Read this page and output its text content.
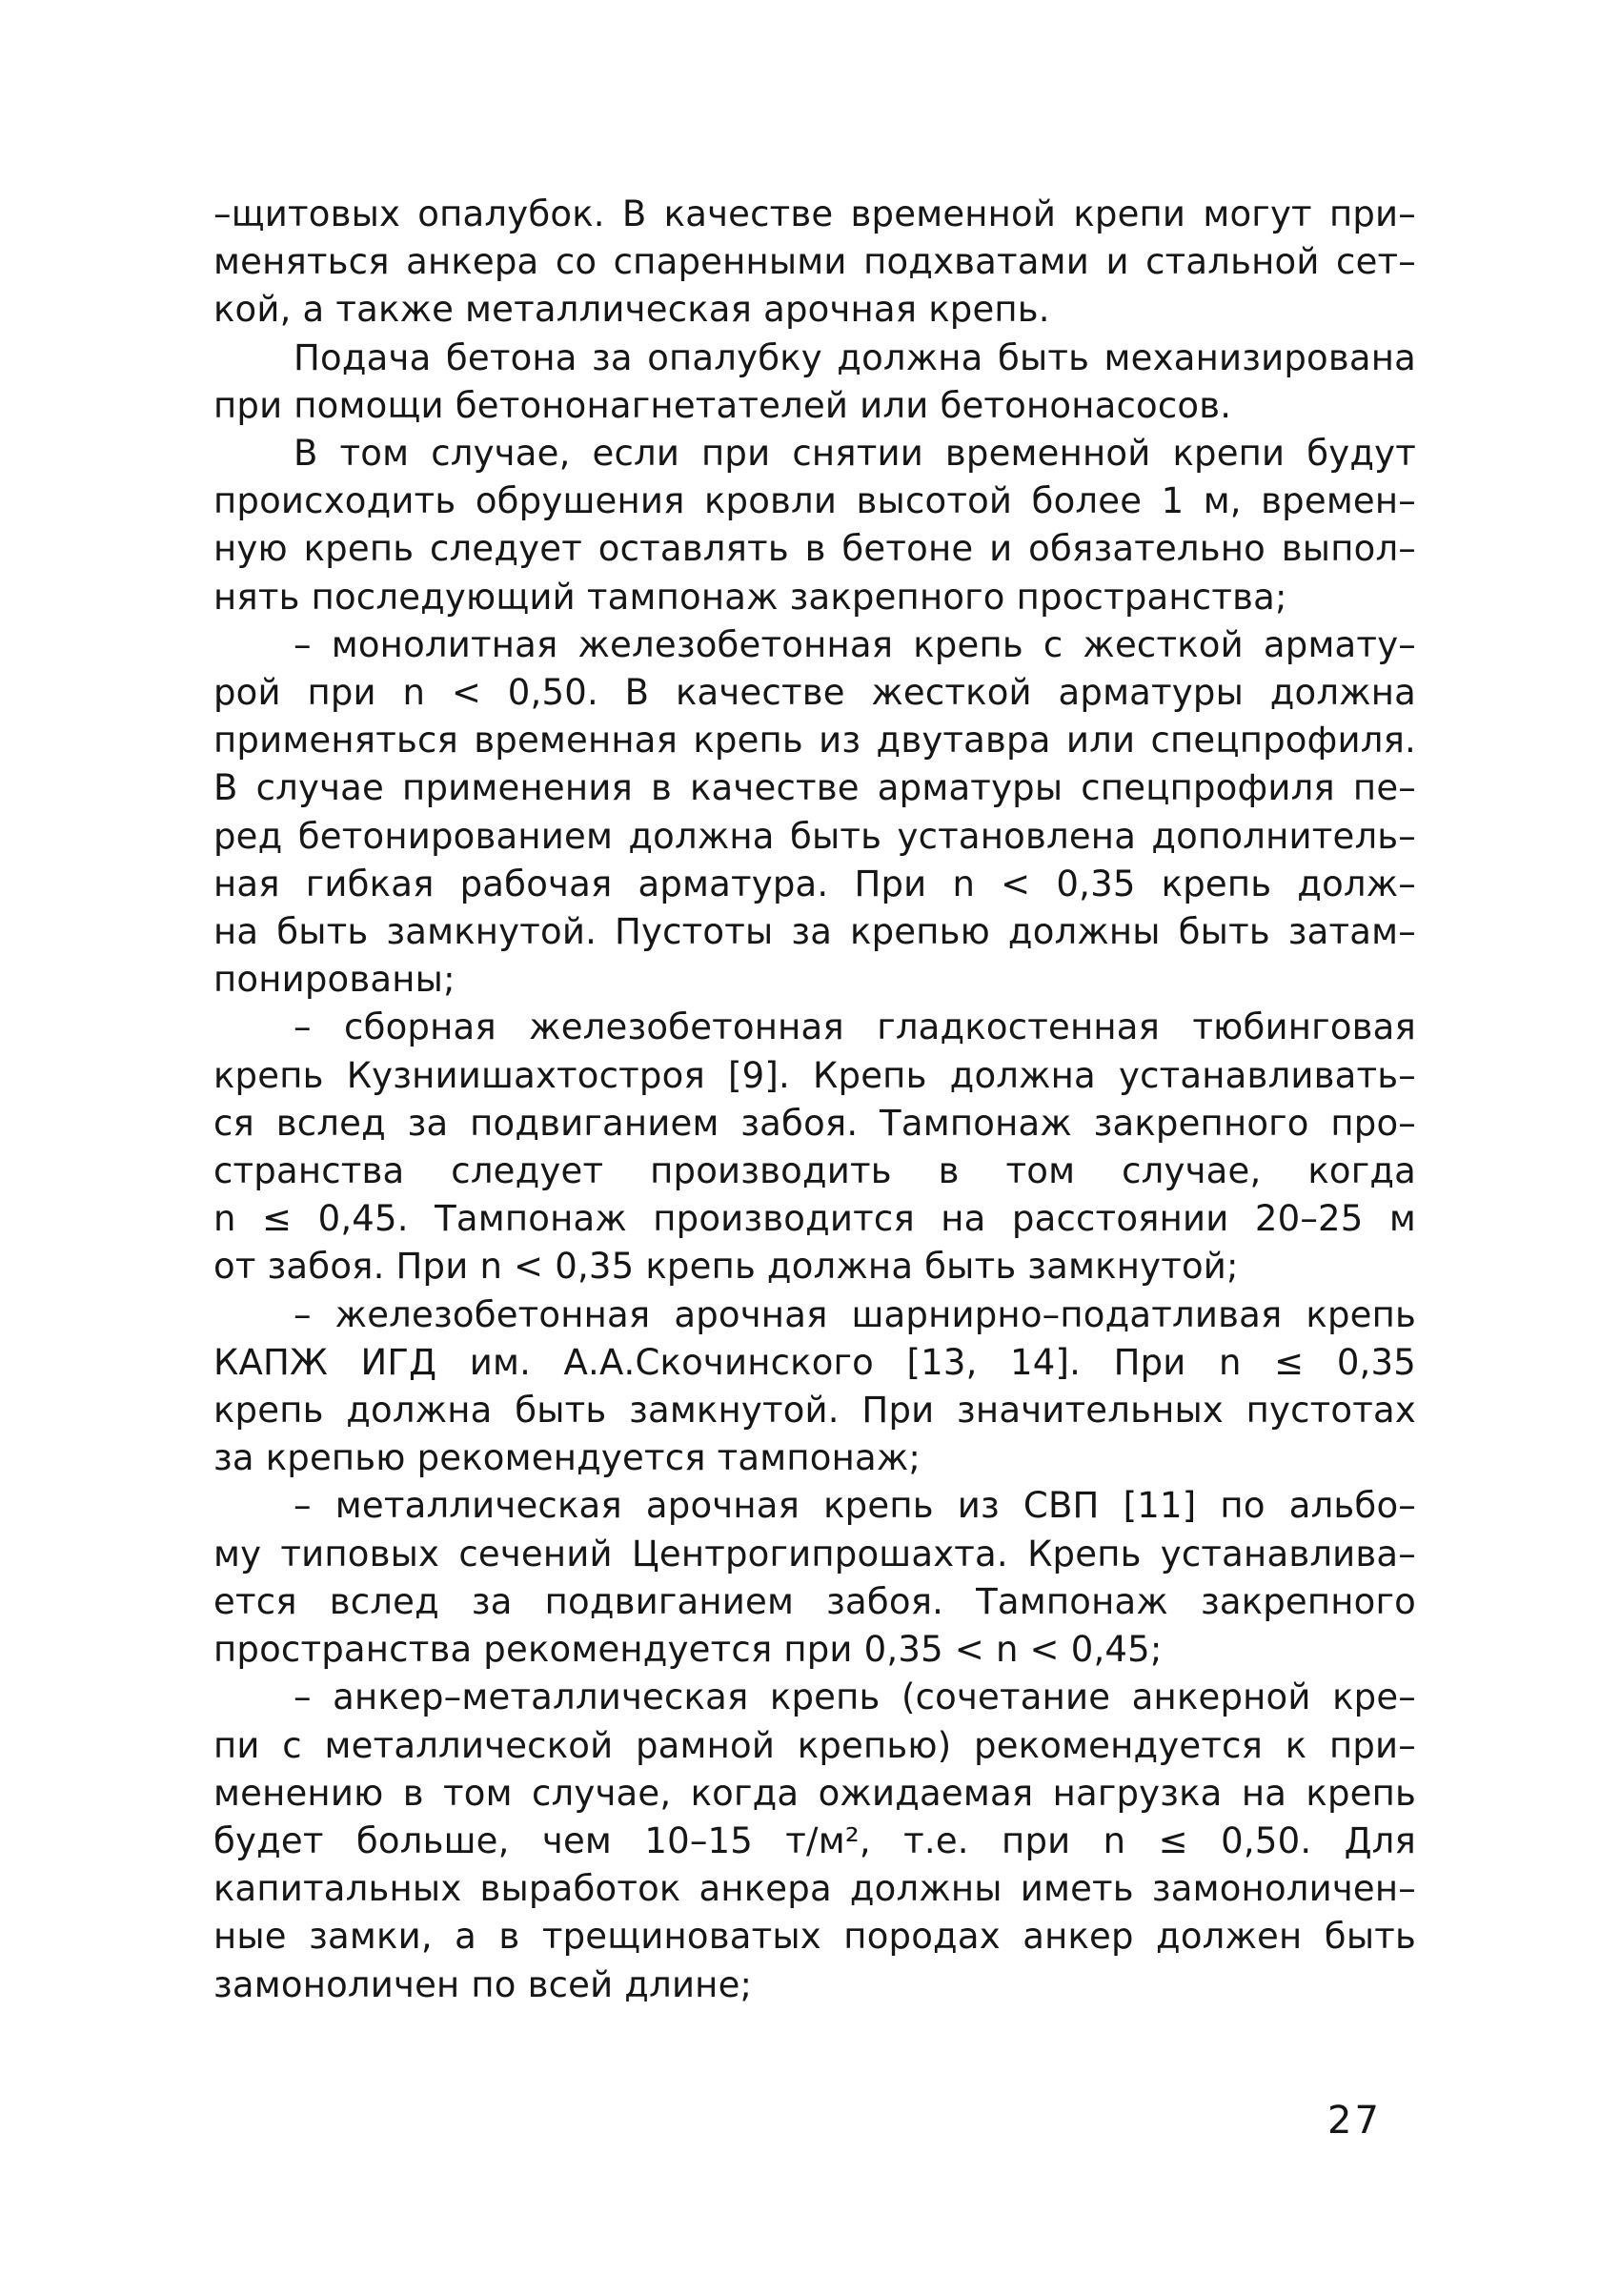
–щитовых опалубок. В качестве временной крепи могут при–
меняться анкера со спаренными подхватами и стальной сет–
кой, а также металлическая арочная крепь.

Подача бетона за опалубку должна быть механизирована
при помощи бетононагнетателей или бетононасосов.

В том случае, если при снятии временной крепи будут
происходить обрушения кровли высотой более 1 м, времен–
ную крепь следует оставлять в бетоне и обязательно выпол–
нять последующий тампонаж закрепного пространства;

– монолитная железобетонная крепь с жесткой армату–
рой при n < 0,50. В качестве жесткой арматуры должна
применяться временная крепь из двутавра или спецпрофиля.
В случае применения в качестве арматуры спецпрофиля пе–
ред бетонированием должна быть установлена дополнитель–
ная гибкая рабочая арматура. При n < 0,35 крепь долж–
на быть замкнутой. Пустоты за крепью должны быть затам–
понированы;

– сборная железобетонная гладкостенная тюбинговая
крепь Кузниишахтостроя [9]. Крепь должна устанавливать–
ся вслед за подвиганием забоя. Тампонаж закрепного про–
странства следует производить в том случае, когда
n ≤ 0,45. Тампонаж производится на расстоянии 20–25 м
от забоя. При n < 0,35 крепь должна быть замкнутой;

– железобетонная арочная шарнирно–податливая крепь
КАПЖ ИГД им. А.А.Скочинского [13, 14]. При n ≤ 0,35
крепь должна быть замкнутой. При значительных пустотах
за крепью рекомендуется тампонаж;

– металлическая арочная крепь из СВП [11] по альбо–
му типовых сечений Центрогипрошахта. Крепь устанавлива–
ется вслед за подвиганием забоя. Тампонаж закрепного
пространства рекомендуется при 0,35 < n < 0,45;

– анкер–металлическая крепь (сочетание анкерной кре–
пи с металлической рамной крепью) рекомендуется к при–
менению в том случае, когда ожидаемая нагрузка на крепь
будет больше, чем 10–15 т/м², т.е. при n ≤ 0,50. Для
капитальных выработок анкера должны иметь замоноличен–
ные замки, а в трещиноватых породах анкер должен быть
замоноличен по всей длине;

27
